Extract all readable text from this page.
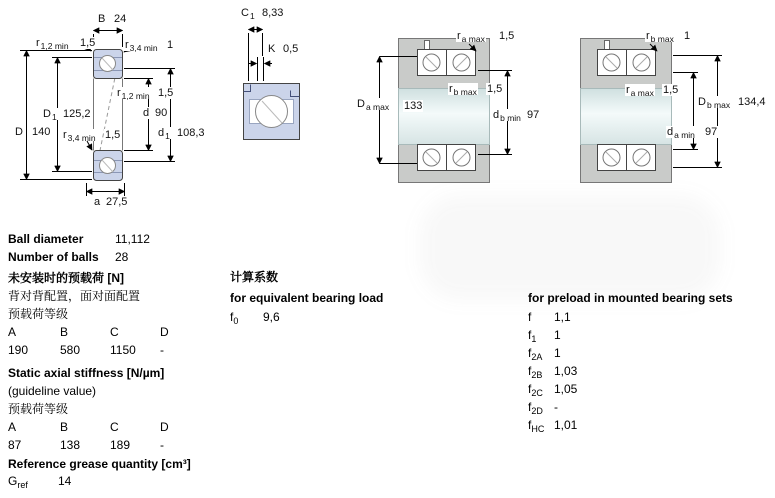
B 24
$r_{1,2 min}$ 1,5	$r_{3,4 min}$ 1
$r_{1,2 min}$ 1,5
$D_1$ 125,2	d 90
D 140 $r_{3,4 min}$ 1,5	$d_1$ 108,3
a 27,5
$C_1$ 8,33
K 0,5
$r_{a max}$ 1,5
$r_{b max}$ 1,5
$D_{a max}$ 133
$d_{b min}$ 97
$r_{b max}$ 1
$r_{a max}$ 1,5
$D_{b max}$ 134,4
$d_{a min}$ 97
Ball diameter	11,112
Number of balls 28
未安装时的预载荷 [N]
背对背配置，面对面配置
预载荷等级
A	B	C	D
190	580 1150 -
Static axial stiffness [N/µm]
(guideline value)
预载荷等级
A	B	C	D
87	138 189 -
Reference grease quantity [cm³]
$G_{ref}$	14
计算系数
for equivalent bearing load
$f_0$ 9,6
for preload in mounted bearing sets
f 1,1
$f_1$ 1
$f_{2A}$ 1
$f_{2B}$ 1,03
$f_{2C}$ 1,05
$f_{2D}$ -
$f_{HC}$ 1,01
